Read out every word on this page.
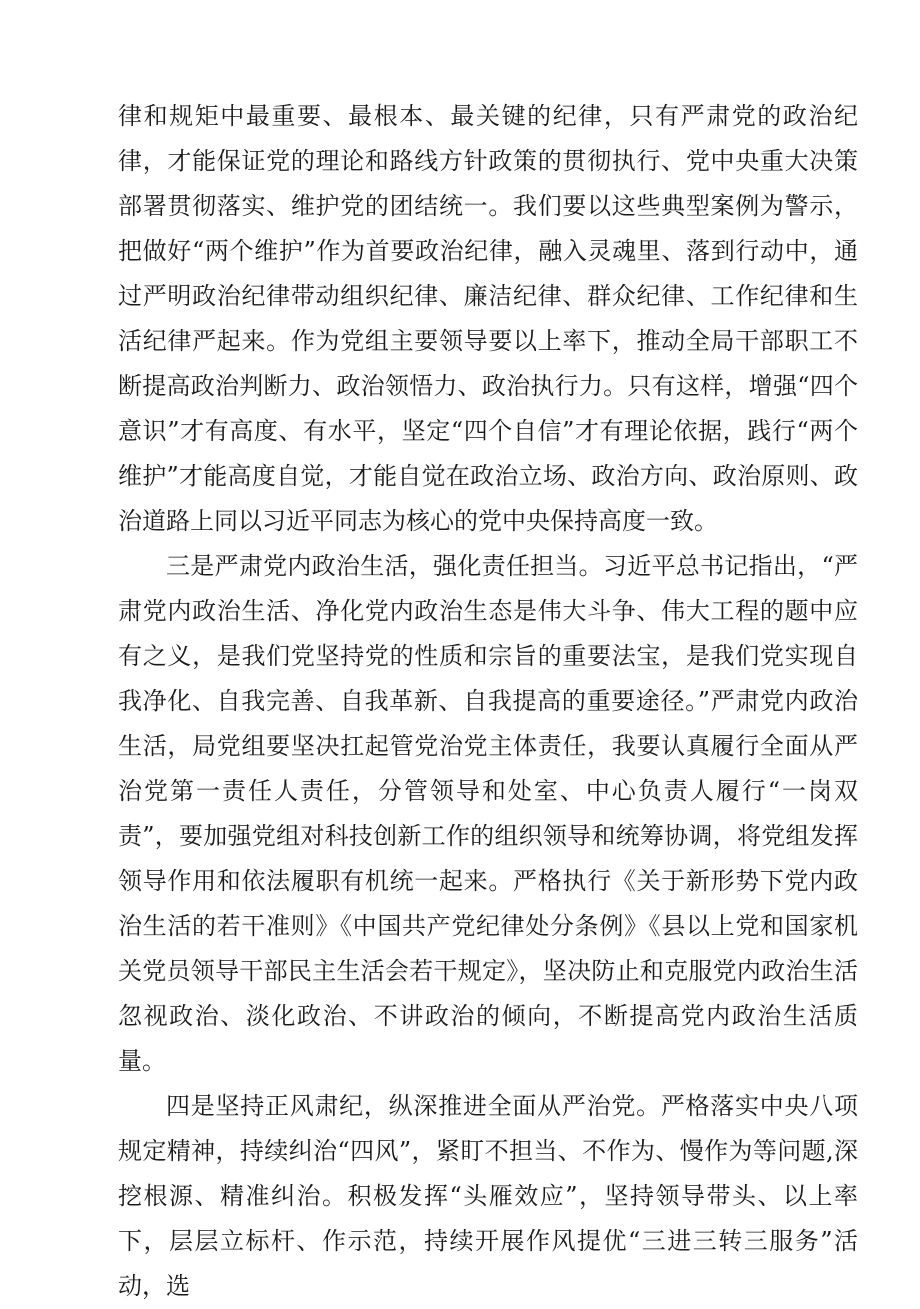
律和规矩中最重要、最根本、最关键的纪律，只有严肃党的政治纪律，才能保证党的理论和路线方针政策的贯彻执行、党中央重大决策部署贯彻落实、维护党的团结统一。我们要以这些典型案例为警示，把做好“两个维护”作为首要政治纪律，融入灵魂里、落到行动中，通过严明政治纪律带动组织纪律、廉洁纪律、群众纪律、工作纪律和生活纪律严起来。作为党组主要领导要以上率下，推动全局干部职工不断提高政治判断力、政治领悟力、政治执行力。只有这样，增强“四个意识”才有高度、有水平，坚定“四个自信”才有理论依据，践行“两个维护”才能高度自觉，才能自觉在政治立场、政治方向、政治原则、政治道路上同以习近平同志为核心的党中央保持高度一致。

三是严肃党内政治生活，强化责任担当。习近平总书记指出，“严肃党内政治生活、净化党内政治生态是伟大斗争、伟大工程的题中应有之义，是我们党坚持党的性质和宗旨的重要法宝，是我们党实现自我净化、自我完善、自我革新、自我提高的重要途径。”严肃党内政治生活，局党组要坚决扛起管党治党主体责任，我要认真履行全面从严治党第一责任人责任，分管领导和处室、中心负责人履行“一岗双责”，要加强党组对科技创新工作的组织领导和统筹协调，将党组发挥领导作用和依法履职有机统一起来。严格执行《关于新形势下党内政治生活的若干准则》《中国共产党纪律处分条例》《县以上党和国家机关党员领导干部民主生活会若干规定》，坚决防止和克服党内政治生活忽视政治、淡化政治、不讲政治的倾向，不断提高党内政治生活质量。

四是坚持正风肃纪，纵深推进全面从严治党。严格落实中央八项规定精神，持续纠治“四风”，紧盯不担当、不作为、慢作为等问题,深挖根源、精准纠治。积极发挥“头雁效应”，坚持领导带头、以上率下，层层立标杆、作示范，持续开展作风提优“三进三转三服务”活动，选
